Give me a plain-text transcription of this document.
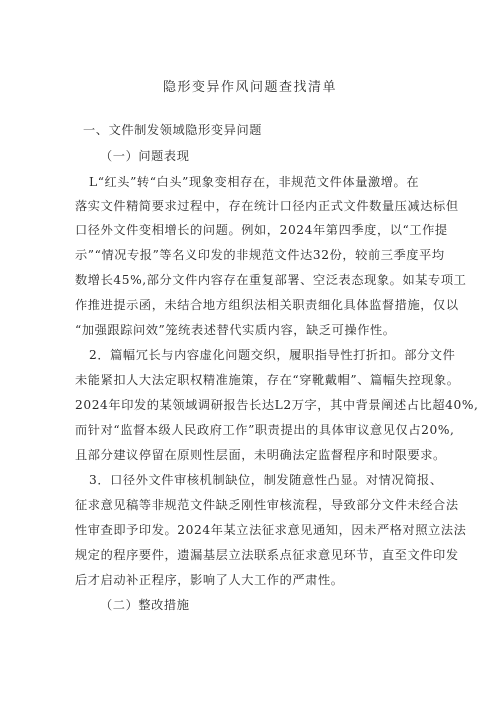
隐形变异作风问题查找清单
一、文件制发领域隐形变异问题
（一）问题表现
L“红头”转“白头”现象变相存在，非规范文件体量激增。在
落实文件精简要求过程中，存在统计口径内正式文件数量压减达标但
口径外文件变相增长的问题。例如，2024年第四季度，以“工作提
示”“情况专报”等名义印发的非规范文件达32份，较前三季度平均
数增长45%,部分文件内容存在重复部署、空泛表态现象。如某专项工
作推进提示函，未结合地方组织法相关职责细化具体监督措施，仅以
“加强跟踪问效”笼统表述替代实质内容，缺乏可操作性。
2．篇幅冗长与内容虚化问题交织，履职指导性打折扣。部分文件
未能紧扣人大法定职权精准施策，存在“穿靴戴帽”、篇幅失控现象。
2024年印发的某领域调研报告长达L2万字，其中背景阐述占比超40%,
而针对“监督本级人民政府工作”职责提出的具体审议意见仅占20%,
且部分建议停留在原则性层面，未明确法定监督程序和时限要求。
3．口径外文件审核机制缺位，制发随意性凸显。对情况简报、
征求意见稿等非规范文件缺乏刚性审核流程，导致部分文件未经合法
性审查即予印发。2024年某立法征求意见通知，因未严格对照立法法
规定的程序要件，遗漏基层立法联系点征求意见环节，直至文件印发
后才启动补正程序，影响了人大工作的严肃性。
（二）整改措施
